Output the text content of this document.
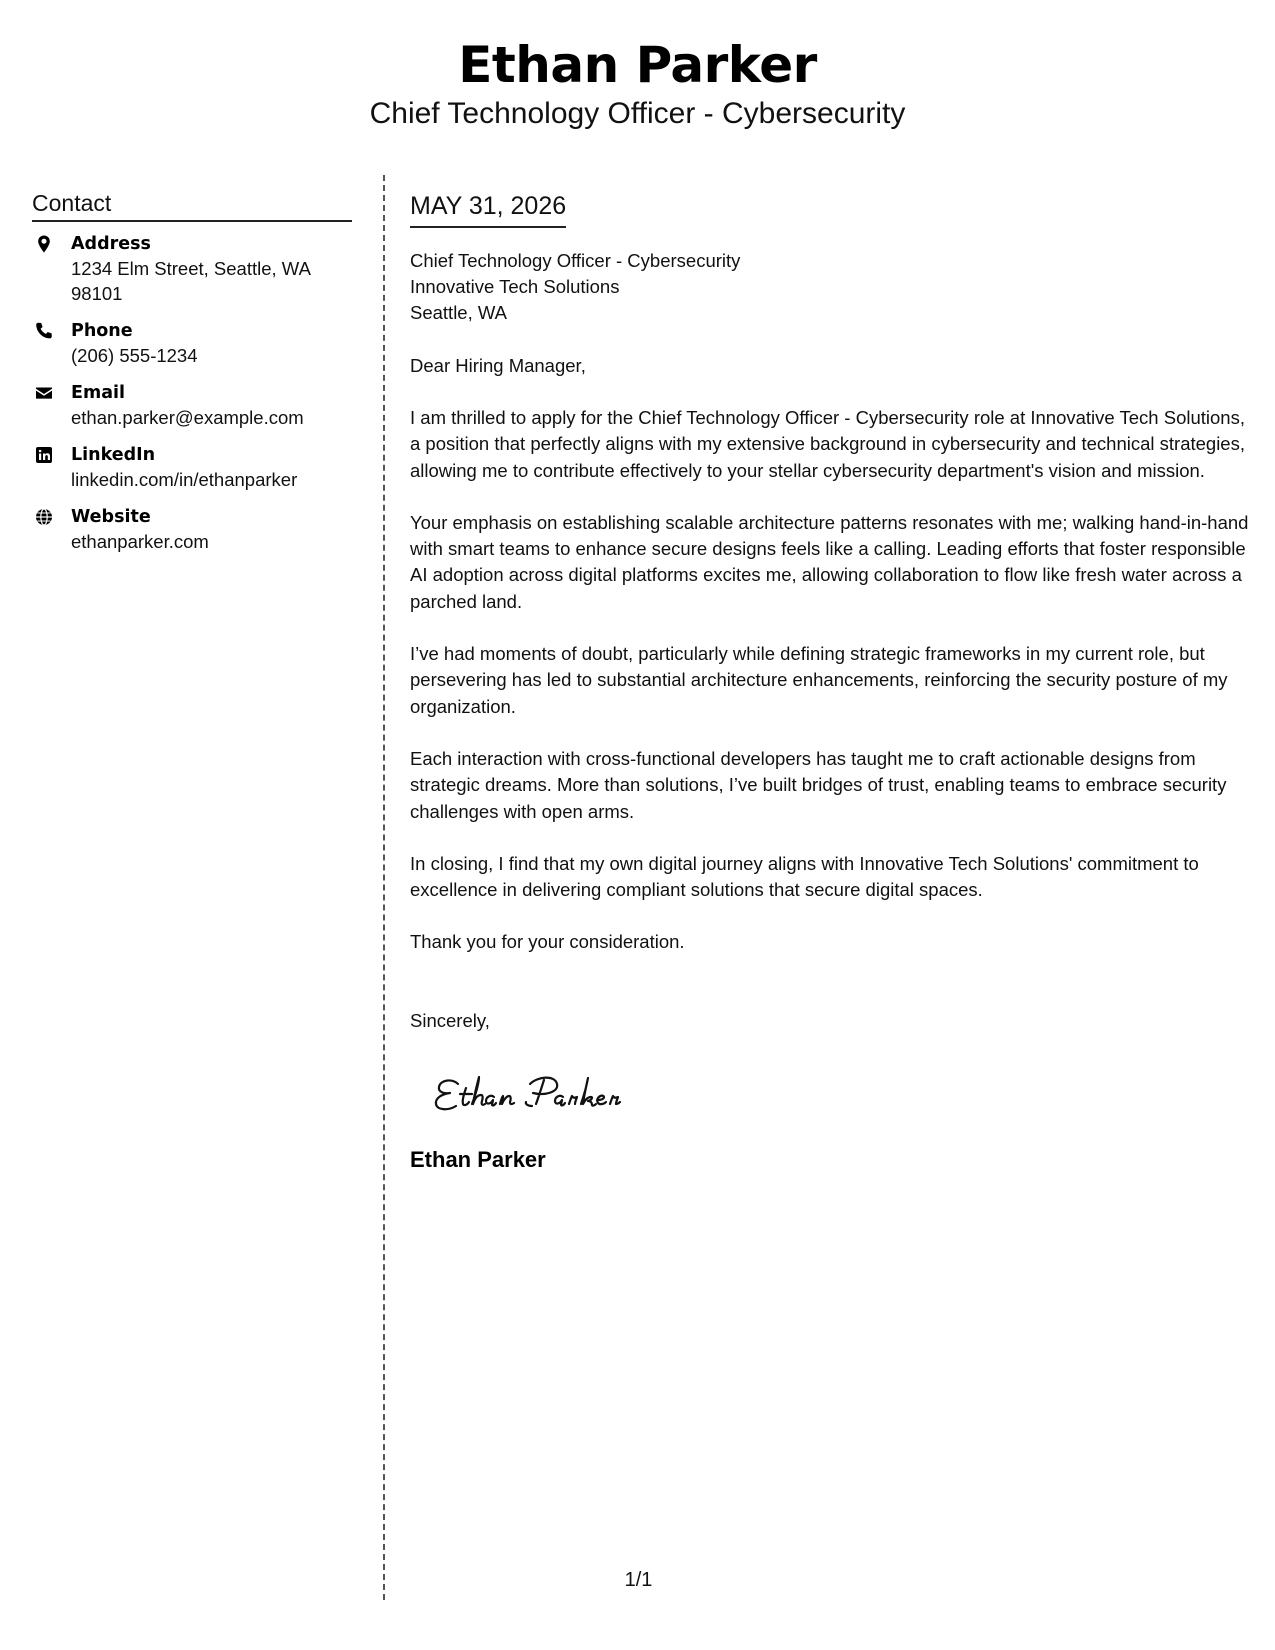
Ethan Parker
Chief Technology Officer - Cybersecurity
Contact
Address
1234 Elm Street, Seattle, WA 98101
Phone
(206) 555-1234
Email
ethan.parker@example.com
LinkedIn
linkedin.com/in/ethanparker
Website
ethanparker.com
MAY 31, 2026
Chief Technology Officer - Cybersecurity
Innovative Tech Solutions
Seattle, WA
Dear Hiring Manager,

I am thrilled to apply for the Chief Technology Officer - Cybersecurity role at Innovative Tech Solutions, a position that perfectly aligns with my extensive background in cybersecurity and technical strategies, allowing me to contribute effectively to your stellar cybersecurity department's vision and mission.

Your emphasis on establishing scalable architecture patterns resonates with me; walking hand-in-hand with smart teams to enhance secure designs feels like a calling. Leading efforts that foster responsible AI adoption across digital platforms excites me, allowing collaboration to flow like fresh water across a parched land.

I’ve had moments of doubt, particularly while defining strategic frameworks in my current role, but persevering has led to substantial architecture enhancements, reinforcing the security posture of my organization.

Each interaction with cross-functional developers has taught me to craft actionable designs from strategic dreams. More than solutions, I’ve built bridges of trust, enabling teams to embrace security challenges with open arms.

In closing, I find that my own digital journey aligns with Innovative Tech Solutions' commitment to excellence in delivering compliant solutions that secure digital spaces.

Thank you for your consideration.

Sincerely,
Ethan Parker
1/1
